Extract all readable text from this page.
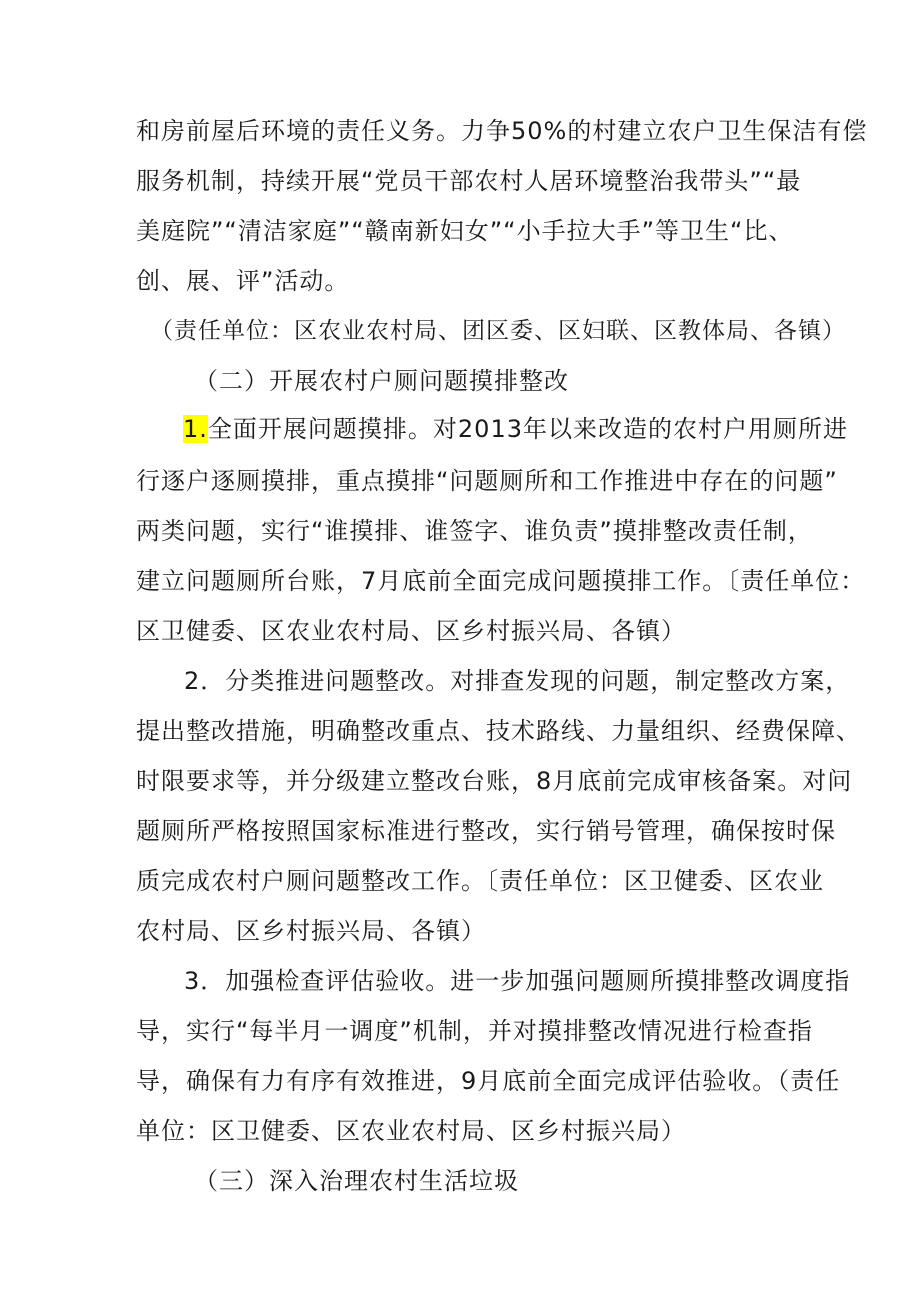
和房前屋后环境的责任义务。力争50%的村建立农户卫生保洁有偿
服务机制，持续开展“党员干部农村人居环境整治我带头”“最
美庭院”“清洁家庭”“赣南新妇女”“小手拉大手”等卫生“比、
创、展、评”活动。
（责任单位：区农业农村局、团区委、区妇联、区教体局、各镇）
（二）开展农村户厕问题摸排整改
1.全面开展问题摸排。对2013年以来改造的农村户用厕所进
行逐户逐厕摸排，重点摸排“问题厕所和工作推进中存在的问题”
两类问题，实行“谁摸排、谁签字、谁负责”摸排整改责任制，
建立问题厕所台账，7月底前全面完成问题摸排工作。〔责任单位：
区卫健委、区农业农村局、区乡村振兴局、各镇）
2．分类推进问题整改。对排查发现的问题，制定整改方案，
提出整改措施，明确整改重点、技术路线、力量组织、经费保障、
时限要求等，并分级建立整改台账，8月底前完成审核备案。对问
题厕所严格按照国家标准进行整改，实行销号管理，确保按时保
质完成农村户厕问题整改工作。〔责任单位：区卫健委、区农业
农村局、区乡村振兴局、各镇）
3．加强检查评估验收。进一步加强问题厕所摸排整改调度指
导，实行“每半月一调度”机制，并对摸排整改情况进行检查指
导，确保有力有序有效推进，9月底前全面完成评估验收。（责任
单位：区卫健委、区农业农村局、区乡村振兴局）
（三）深入治理农村生活垃圾
